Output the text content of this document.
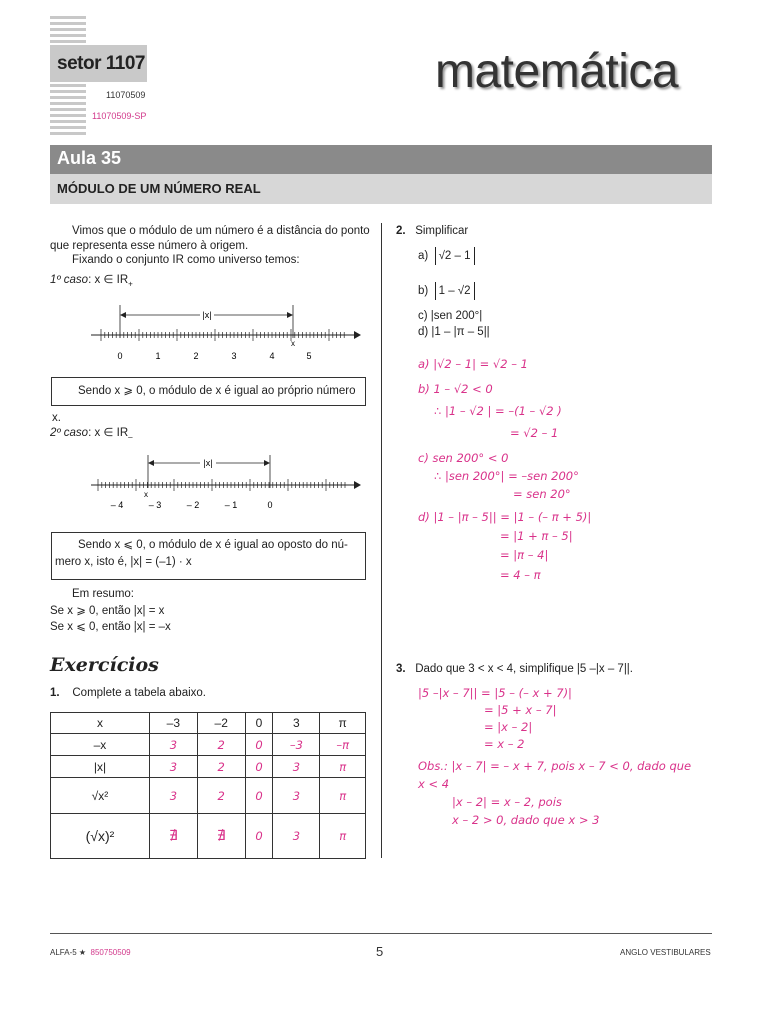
setor 1107
11070509
11070509-SP
matemática
Aula 35
MÓDULO DE UM NÚMERO REAL
Vimos que o módulo de um número é a distância do ponto
que representa esse número à origem.
Fixando o conjunto IR como universo temos:
1º caso: x ∈ $IR_+$
|x|
x
0	1	2	3	4	5
Sendo x ⩾ 0, o módulo de x é igual ao próprio número x.
2º caso: x ∈ $IR_-$
|x|
x
– 4	– 3	– 2	– 1	0
Sendo x ⩽ 0, o módulo de x é igual ao oposto do nú-
mero x, isto é, |x| = (–1) · x
Em resumo:
Se x ⩾ 0, então |x| = x
Se x ⩽ 0, então |x| = –x
Exercícios
1. Complete a tabela abaixo.
x	–3	–2	0	3	π
–x	3	2	0	–3	–π
|x|	3	2	0	3	π
√x²	3	2	0	3	π
(√x)²	∄	∄	0	3	π
2. Simplificar
a) √2 – 1
b) 1 – √2
c) |sen 200°|
d) |1 – |π – 5||
a) |√2 – 1| = √2 – 1
b) 1 – √2 < 0
∴ |1 – √2 | = –(1 – √2 )
= √2 – 1
c) sen 200° < 0
∴ |sen 200°| = –sen 200°
= sen 20°
d) |1 – |π – 5|| = |1 – (– π + 5)|
= |1 + π – 5|
= |π – 4|
= 4 – π
3. Dado que 3 < x < 4, simplifique |5 –|x – 7||.
|5 –|x – 7|| = |5 – (– x + 7)|
= |5 + x – 7|
= |x – 2|
= x – 2
Obs.: |x – 7| = – x + 7, pois x – 7 < 0, dado que
x < 4
|x – 2| = x – 2, pois
x – 2 > 0, dado que x > 3
ALFA-5 ★ 850750509	5	ANGLO VESTIBULARES
